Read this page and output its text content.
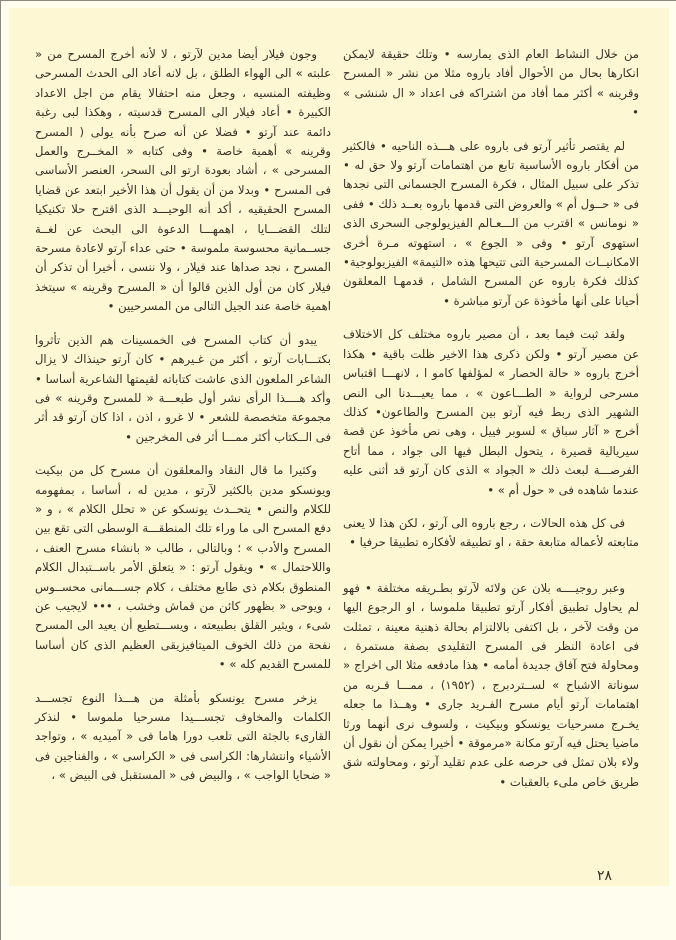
من خلال النشاط العام الذى يمارسه • وتلك حقيقة لايمكن انكارها بحال من الأحوال أفاد باروه مثلا من نشر « المسرح وقرينه » أكثر مما أفاد من اشتراكه فى اعداد « ال شنشى » •

لم يقتصر تأثير آرتو فى باروه على هـــذه الناحيه • فالكثير من أفكار باروه الأساسية تابع من اهتمامات آرتو ولا حق له • تذكر على سبيل المثال ، فكرة المسرح الجسمانى التى نجدها فى « حــول أم » والعروض التى قدمها باروه بعــد ذلك • ففى « نومانس » اقترب من الـــعـالم الفيزيولوجى السحرى الذى استهوى آرتو • وفى « الجوع » ، استهوته مـرة أخرى الامكانيــات المسرحية التى تتيحها هذه «التيمة» الفيزيولوجية• كذلك فكرة باروه عن المسرح الشامل ، قدمهـا المعلقون أحيانا على أنها مأخوذة عن آرتو مباشرة •

ولقد ثبت فيما بعد ، أن مصير باروه مختلف كل الاختلاف عن مصير آرتو • ولكن ذكرى هذا الاخير ظلت باقية • هكذا أخرج باروه « حالة الحصار » لمؤلفها كامو ا ، لانهـــا اقتباس مسرحى لرواية « الطـــاعون » ، مما يعيـــدنا الى النص الشهير الذى ربط فيه آرتو بين المسرح والطاعون• كذلك أخرج « آثار سباق » لسوبر فييل ، وهى نص مأخوذ عن قصة سيريالية قصيرة ، يتحول البطل فيها الى جواد ، مما أتاح الفرصـــة لبعث ذلك « الجواد » الذى كان آرتو قد أثنى عليه عندما شاهده فى « حول أم » •

فى كل هذه الحالات ، رجع باروه الى آرتو ، لكن هذا لا يعنى متابعته لأعماله متابعة حقة ، او تطبيقه لأفكاره تطبيقا حرفيا •

وعبر روجيــــه بلان عن ولائه لآرتو بطـريقه مختلفة • فهو لم يحاول تطبيق أفكار آرتو تطبيقا ملموسا ، او الرجوع اليها من وقت لآخر ، بل اكتفى بالالتزام بحالة ذهنية معينة ، تمثلت فى اعادة النظر فى المسرح التقليدى بصفة مستمرة ، ومحاولة فتح آفاق جديدة أمامه • هذا مادفعه مثلا الى اخراج « سوناتة الاشباح » لســتردبرج ، (١٩٥٢) ، ممـــا قـربه من اهتمامات آرتو أيام مسرح الفـريد جارى • وهــذا ما جعله يخـرج مسرحيات يونسكو وبيكيت ، ولسوف نرى أنهما ورثا ماضيا يحتل فيه آرتو مكانة «مرموقة • أخيرا يمكن أن نقول أن ولاء بلان تمثل فى حرصه على عدم تقليد آرتو ، ومحاولته شق طريق خاص ملىء بالعقبات •

وجون فيلار أيضا مدين لآرتو ، لا لأنه أخرج المسرح من « علبته » الى الهواء الطلق ، بل لانه أعاد الى الحدث المسرحى وظيفته المنسيه ، وجعل منه احتفالا يقام من اجل الاعداد الكبيرة • أعاد فيلار الى المسرح قدسيته ، وهكذا لبى رغبة دائمة عند آرتو • فضلا عن أنه صرح بأنه يولى ( المسرح وقرينه » أهمية خاصة • وفى كتابه « المخــرج والعمل المسرحى » ، أشاد بعودة ارتو الى السحر، العنصر الأساسى فى المسرح • وبدلا من أن يقول أن هذا الأخير ابتعد عن قضايا المسرح الحقيقيه ، أكد أنه الوحيـــد الذى اقترح حلا تكنيكيا لتلك القضـــايا ، اهمهـــا الدعوة الى البحث عن لغــة جســمانية محسوسة ملموسة • حتى عداء آرتو لاعادة مسرحة المسرح ، نجد صداها عند فيلار ، ولا ننسى ، أخيرا أن تذكر أن فيلار كان من أول الذين قالوا أن « المسرح وقرينه » سيتخذ اهمية خاصة عند الجيل التالى من المسرحيين •

يبدو أن كتاب المسرح فى الخمسينات هم الذين تأثروا بكتـــابات آرتو ، أكثر من غـيرهم • كان آرتو حينذاك لا يزال الشاعر الملعون الذى عاشت كتاباته لقيمتها الشاعرية أساسا • وأكد هــــذا الرأى نشر أول طبعـــة « للمسرح وقرينه » فى مجموعة متخصصة للشعر • لا غرو ، اذن ، اذا كان آرتو قد أثر فى الــكتاب أكثر ممـــا أثر فى المخرجين •

وكثيرا ما قال النقاد والمعلقون أن مسرح كل من بيكيت ويونسكو مدين بالكثير لآرتو ، مدين له ، أساسا ، بمفهومه للكلام والنص • يتحــدث يونسكو عن « تحلل الكلام » ، و « دفع المسرح الى ما وراء تلك المنطقـــة الوسطى التى تقع بين المسرح والأدب » ؛ وبالتالى ، طالب « بانشاء مسرح العنف ، واللاحتمال » • ويقول آرتو : « يتعلق الأمر باســتبدال الكلام المنطوق بكلام ذى طابع مختلف ، كلام جســـمانى محســوس ، ويوحى « بظهور كائن من قماش وخشب ، ••• لايجيب عن شىء ، ويثير القلق بطبيعته ، ويســـتطيع أن يعيد الى المسرح نفحة من ذلك الخوف الميتافيزيقى العظيم الذى كان أساسا للمسرح القديم كله » •

يزخر مسرح يونسكو بأمثلة من هـــذا النوع تجســـد الكلمات والمخاوف تجســـيدا مسرحيا ملموسا • لنذكر القارىء بالجثة التى تلعب دورا هاما فى « آميديه » ، وتواجد الأشياء وانتشارها: الكراسى فى « الكراسى » ، والفناجين فى « ضحايا الواجب » ، والبيض فى « المستقبل فى البيض » ،

٢٨
